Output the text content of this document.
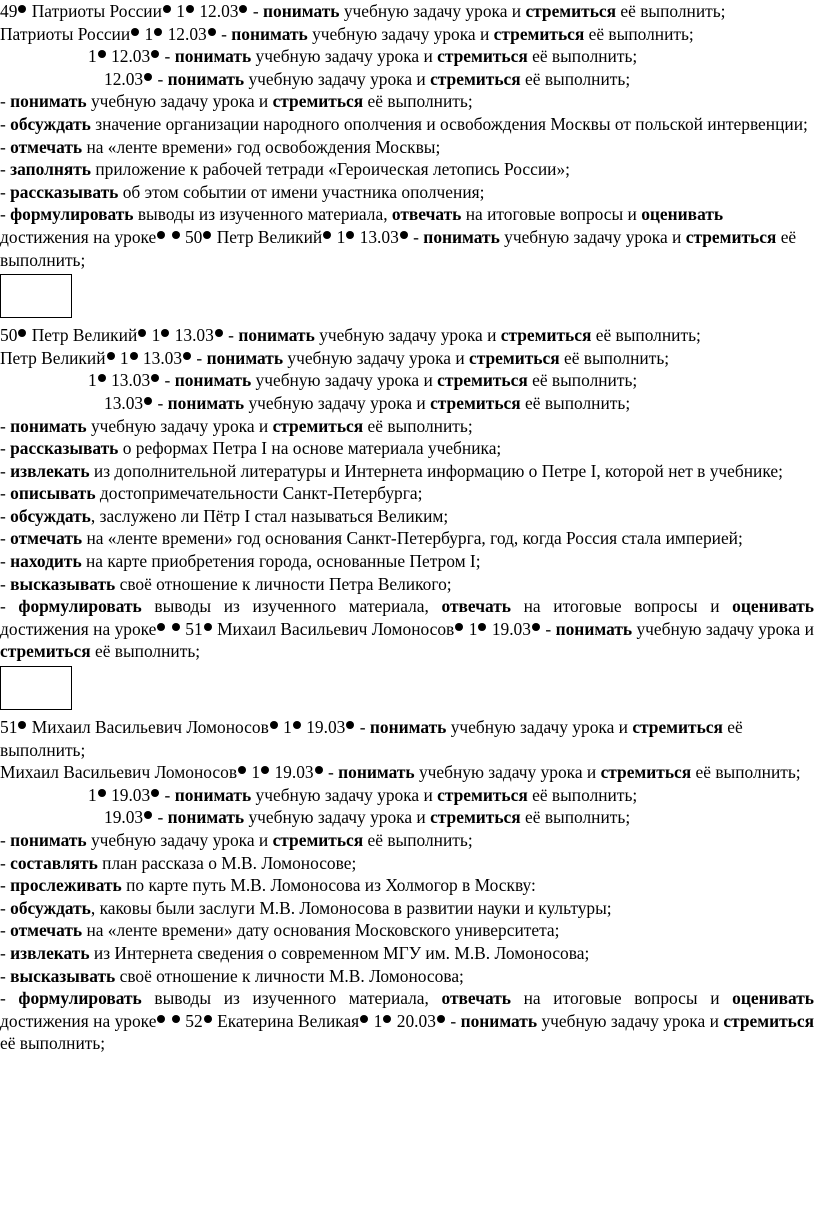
49 Патриоты России 1 12.03 - понимать учебную задачу урока и стремиться её выполнить;

Патриоты России 1 12.03 - понимать учебную задачу урока и стремиться её выполнить;

1 12.03 - понимать учебную задачу урока и стремиться её выполнить;

12.03 - понимать учебную задачу урока и стремиться её выполнить;

- понимать учебную задачу урока и стремиться её выполнить;

- обсуждать значение организации народного ополчения и освобождения Москвы от польской интервенции;

- отмечать на «ленте времени» год освобождения Москвы;

- заполнять приложение к рабочей тетради «Героическая летопись России»;

- рассказывать об этом событии от имени участника ополчения;

- формулировать выводы из изученного материала, отвечать на итоговые вопросы и оценивать достижения на уроке 50 Петр Великий 1 13.03 - понимать учебную задачу урока и стремиться её выполнить;

50 Петр Великий 1 13.03 - понимать учебную задачу урока и стремиться её выполнить;

Петр Великий 1 13.03 - понимать учебную задачу урока и стремиться её выполнить;

1 13.03 - понимать учебную задачу урока и стремиться её выполнить;

13.03 - понимать учебную задачу урока и стремиться её выполнить;

- понимать учебную задачу урока и стремиться её выполнить;

- рассказывать о реформах Петра I на основе материала учебника;

- извлекать из дополнительной литературы и Интернета информацию о Петре I, которой нет в учебнике;

- описывать достопримечательности Санкт-Петербурга;

- обсуждать, заслужено ли Пётр I стал называться Великим;

- отмечать на «ленте времени» год основания Санкт-Петербурга, год, когда Россия стала империей;

- находить на карте приобретения города, основанные Петром I;

- высказывать своё отношение к личности Петра Великого;

- формулировать выводы из изученного материала, отвечать на итоговые вопросы и оценивать достижения на уроке 51 Михаил Васильевич Ломоносов 1 19.03 - понимать учебную задачу урока и стремиться её выполнить;

51 Михаил Васильевич Ломоносов 1 19.03 - понимать учебную задачу урока и стремиться её выполнить;

Михаил Васильевич Ломоносов 1 19.03 - понимать учебную задачу урока и стремиться её выполнить;

1 19.03 - понимать учебную задачу урока и стремиться её выполнить;

19.03 - понимать учебную задачу урока и стремиться её выполнить;

- понимать учебную задачу урока и стремиться её выполнить;

- составлять план рассказа о М.В. Ломоносове;

- прослеживать по карте путь М.В. Ломоносова из Холмогор в Москву:

- обсуждать, каковы были заслуги М.В. Ломоносова в развитии науки и культуры;

- отмечать на «ленте времени» дату основания Московского университета;

- извлекать из Интернета сведения о современном МГУ им. М.В. Ломоносова;

- высказывать своё отношение к личности М.В. Ломоносова;

- формулировать выводы из изученного материала, отвечать на итоговые вопросы и оценивать достижения на уроке 52 Екатерина Великая 1 20.03 - понимать учебную задачу урока и стремиться её выполнить;
